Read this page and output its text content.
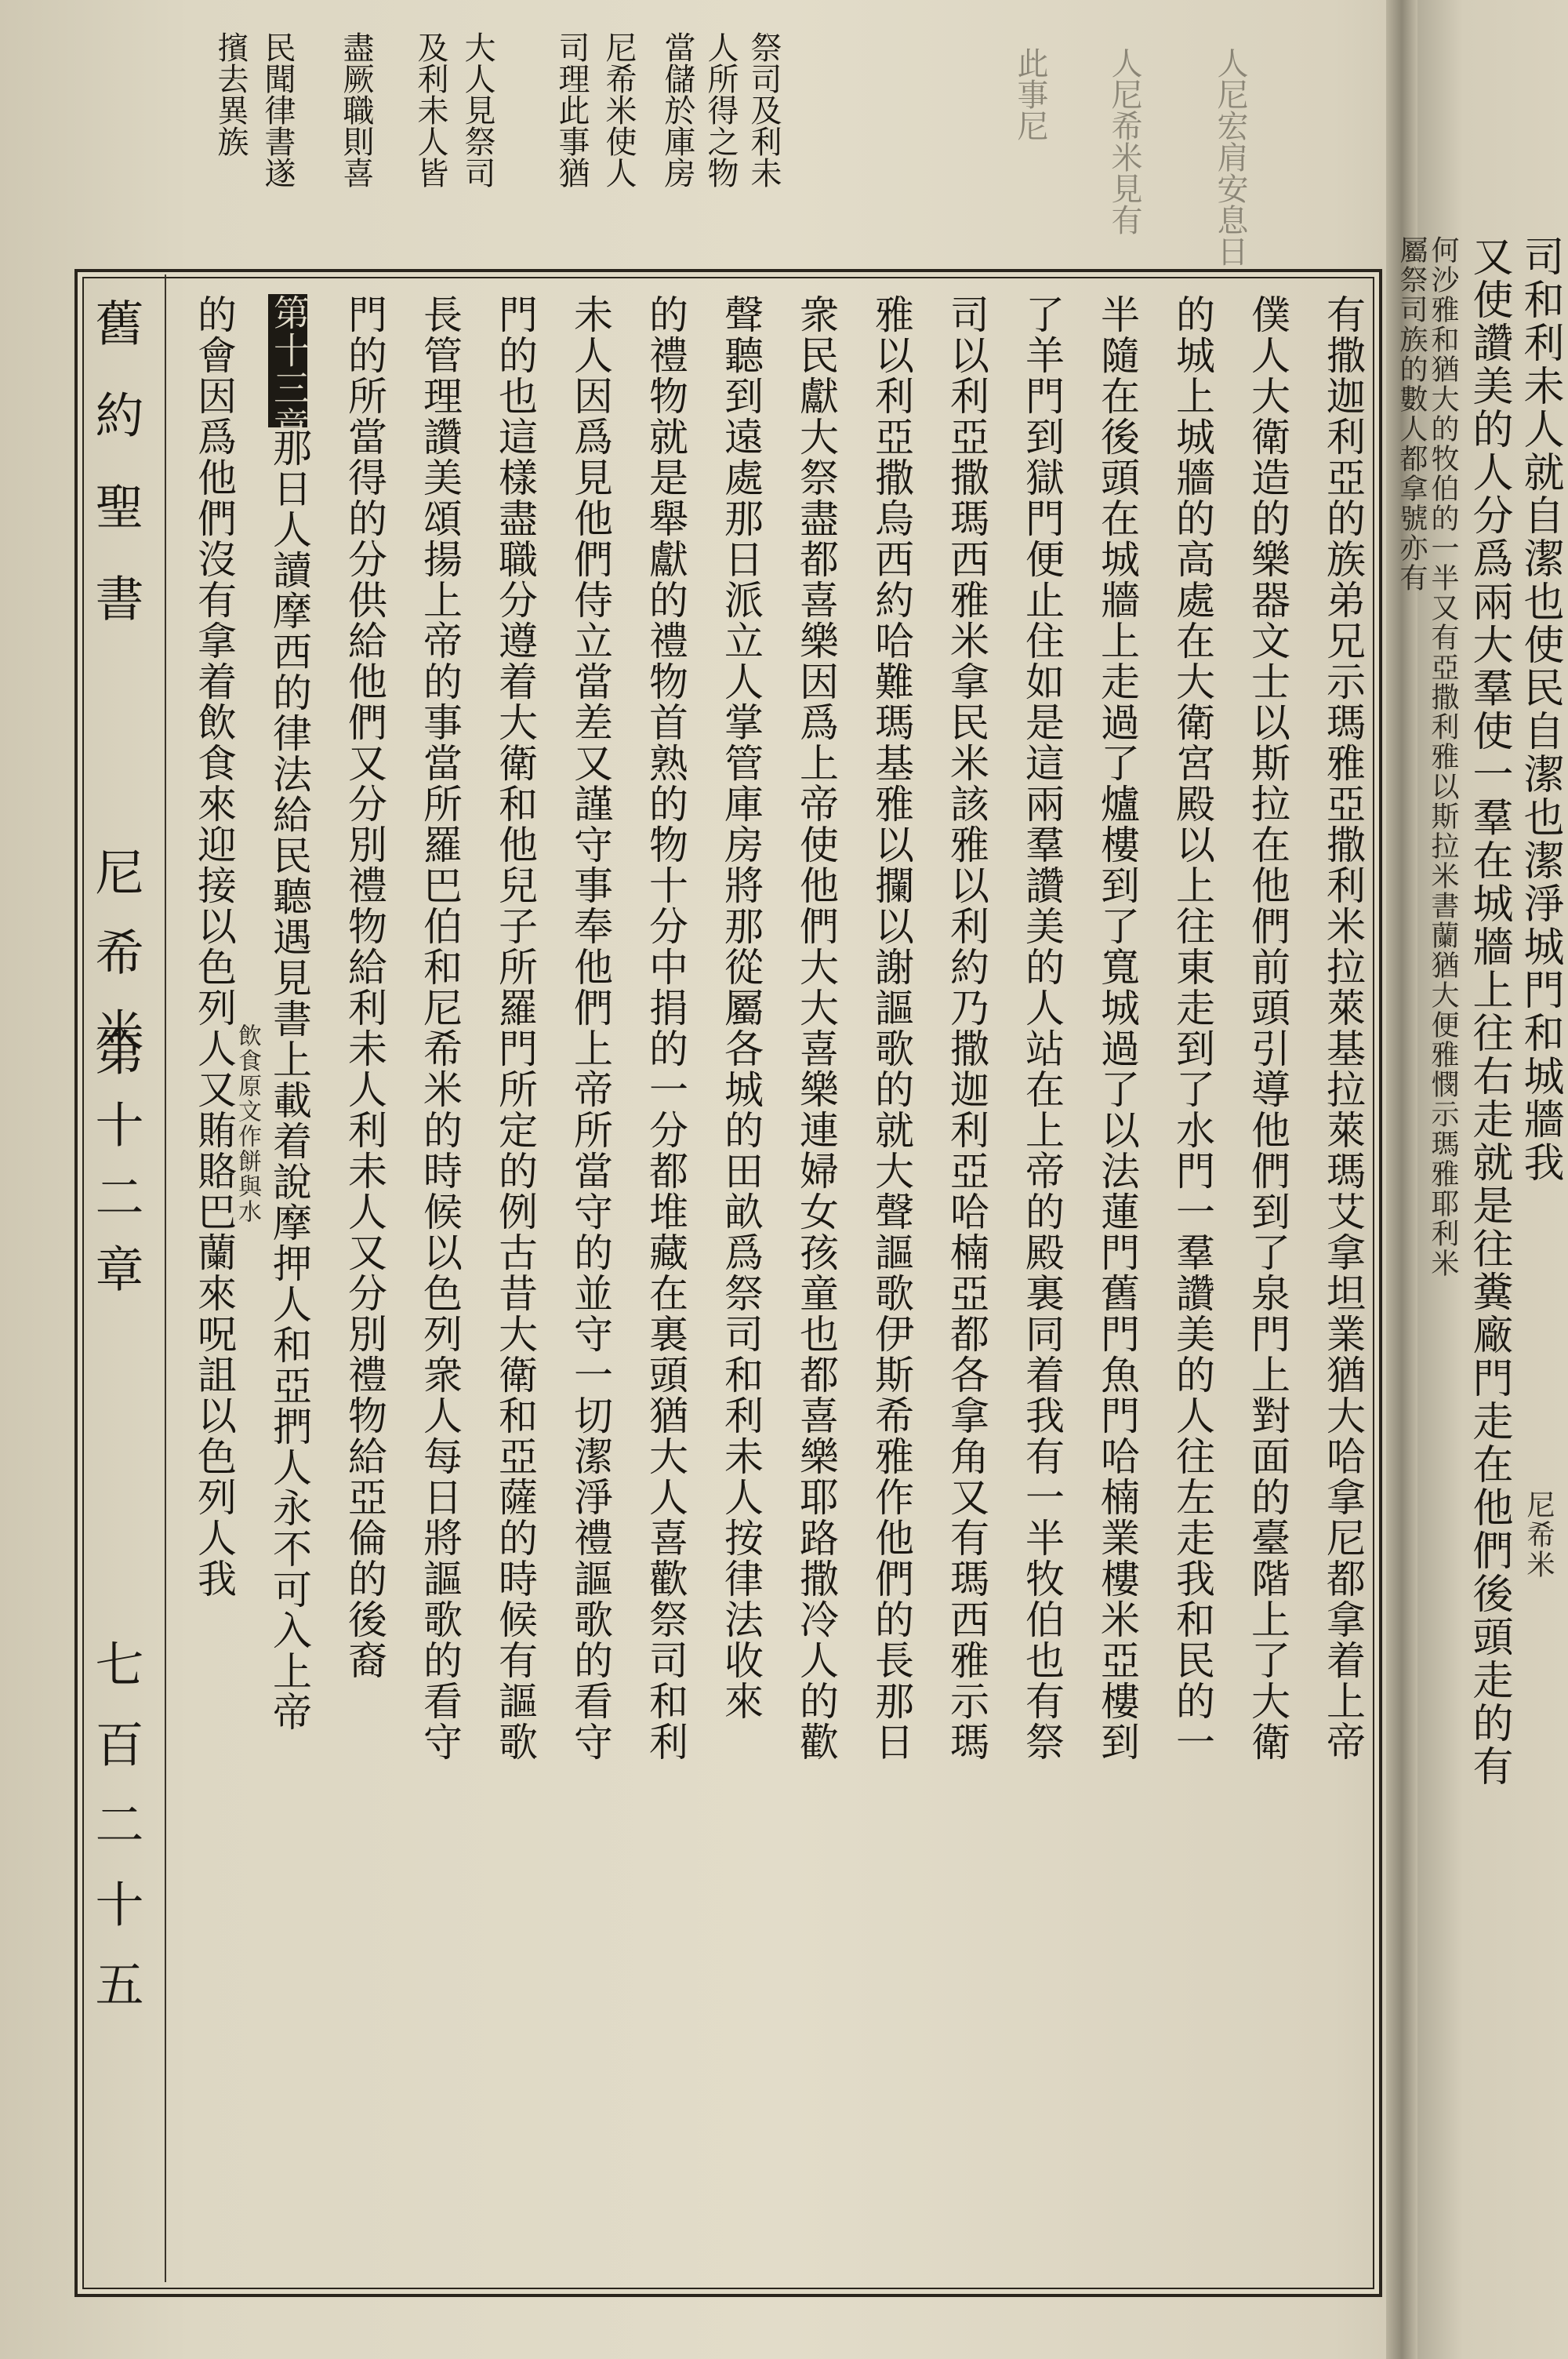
祭司及利未
人所得之物
當儲於庫房
尼希米使人
司理此事猶
大人見祭司
及利未人皆
盡厥職則喜
民聞律書遂
擯去異族	人尼宏肩安息日
人尼希米見有
此事尼
舊約聖書
尼希米
第十二章
七百二十五
有撒迦利亞的族弟兄示瑪雅亞撒利米拉萊基拉萊瑪艾拿坦業猶大哈拿尼都拿着上帝
僕人大衛造的樂器文士以斯拉在他們前頭引導他們到了泉門上對面的臺階上了大衛
的城上城牆的高處在大衛宮殿以上往東走到了水門一羣讚美的人往左走我和民的一
半隨在後頭在城牆上走過了爐樓到了寬城過了以法蓮門舊門魚門哈楠業樓米亞樓到
了羊門到獄門便止住如是這兩羣讚美的人站在上帝的殿裏同着我有一半牧伯也有祭
司以利亞撒瑪西雅米拿民米該雅以利約乃撒迦利亞哈楠亞都各拿角又有瑪西雅示瑪
雅以利亞撒烏西約哈難瑪基雅以攔以謝謳歌的就大聲謳歌伊斯希雅作他們的長那日
衆民獻大祭盡都喜樂因爲上帝使他們大大喜樂連婦女孩童也都喜樂耶路撒冷人的歡
聲聽到遠處那日派立人掌管庫房將那從屬各城的田畝爲祭司和利未人按律法收來
的禮物就是舉獻的禮物首熟的物十分中捐的一分都堆藏在裏頭猶大人喜歡祭司和利
未人因爲見他們侍立當差又謹守事奉他們上帝所當守的並守一切潔淨禮謳歌的看守
門的也這樣盡職分遵着大衛和他兒子所羅門所定的例古昔大衛和亞薩的時候有謳歌
長管理讚美頌揚上帝的事當所羅巴伯和尼希米的時候以色列衆人每日將謳歌的看守
門的所當得的分供給他們又分別禮物給利未人利未人又分別禮物給亞倫的後裔
第十三章那日人讀摩西的律法給民聽遇見書上載着說摩押人和亞捫人永不可入上帝
的會因爲他們沒有拿着飲食來迎接以色列人又賄賂巴蘭來呪詛以色列人我
飲食原文作餅與水	司和利未人就自潔也使民自潔也潔淨城門和城牆我
又使讚美的人分爲兩大羣使一羣在城牆上往右走就是往糞廠門走在他們後頭走的有
何沙雅和猶大的牧伯的一半又有亞撒利雅以斯拉米書蘭猶大便雅憫示瑪雅耶利米
屬祭司族的數人都拿號亦有
尼希米
